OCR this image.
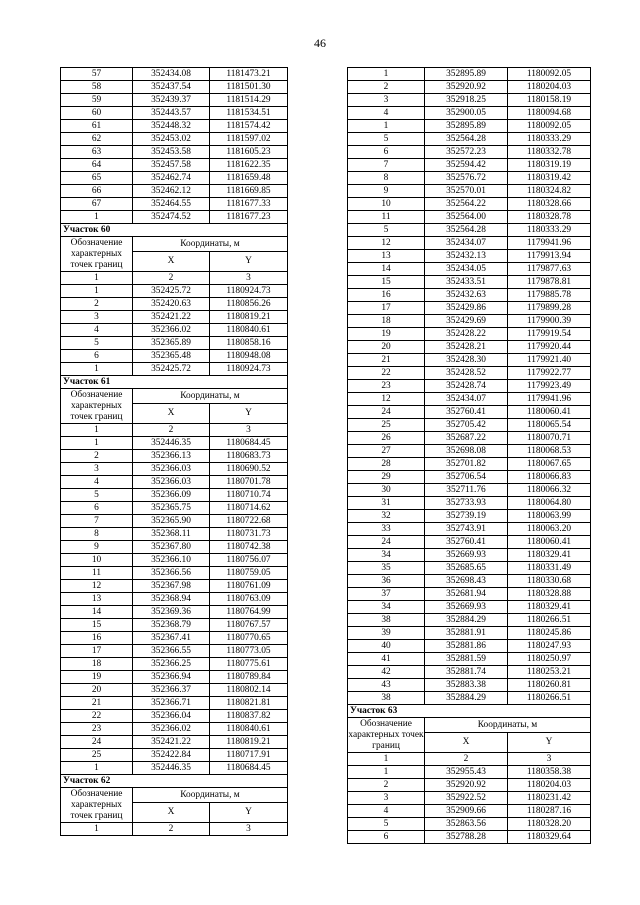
46
57	352434.08	1181473.21
58	352437.54	1181501.30
59	352439.37	1181514.29
60	352443.57	1181534.51
61	352448.32	1181574.42
62	352453.02	1181597.02
63	352453.58	1181605.23
64	352457.58	1181622.35
65	352462.74	1181659.48
66	352462.12	1181669.85
67	352464.55	1181677.33
1	352474.52	1181677.23
Участок 60		
Обозначение характерных точек границ	Координаты, м	
	X	Y
1	2	3
1	352425.72	1180924.73
2	352420.63	1180856.26
3	352421.22	1180819.21
4	352366.02	1180840.61
5	352365.89	1180858.16
6	352365.48	1180948.08
1	352425.72	1180924.73
Участок 61		
Обозначение характерных точек границ	Координаты, м	
	X	Y
1	2	3
1	352446.35	1180684.45
2	352366.13	1180683.73
3	352366.03	1180690.52
4	352366.03	1180701.78
5	352366.09	1180710.74
6	352365.75	1180714.62
7	352365.90	1180722.68
8	352368.11	1180731.73
9	352367.80	1180742.38
10	352366.10	1180756.07
11	352366.56	1180759.05
12	352367.98	1180761.09
13	352368.94	1180763.09
14	352369.36	1180764.99
15	352368.79	1180767.57
16	352367.41	1180770.65
17	352366.55	1180773.05
18	352366.25	1180775.61
19	352366.94	1180789.84
20	352366.37	1180802.14
21	352366.71	1180821.81
22	352366.04	1180837.82
23	352366.02	1180840.61
24	352421.22	1180819.21
25	352422.84	1180717.91
1	352446.35	1180684.45
Участок 62		
Обозначение характерных точек границ	Координаты, м	
	X	Y
1	2	3
1	352895.89	1180092.05
2	352920.92	1180204.03
3	352918.25	1180158.19
4	352900.05	1180094.68
1	352895.89	1180092.05
5	352564.28	1180333.29
6	352572.23	1180332.78
7	352594.42	1180319.19
8	352576.72	1180319.42
9	352570.01	1180324.82
10	352564.22	1180328.66
11	352564.00	1180328.78
5	352564.28	1180333.29
12	352434.07	1179941.96
13	352432.13	1179913.94
14	352434.05	1179877.63
15	352433.51	1179878.81
16	352432.63	1179885.78
17	352429.86	1179899.28
18	352429.69	1179900.39
19	352428.22	1179919.54
20	352428.21	1179920.44
21	352428.30	1179921.40
22	352428.52	1179922.77
23	352428.74	1179923.49
12	352434.07	1179941.96
24	352760.41	1180060.41
25	352705.42	1180065.54
26	352687.22	1180070.71
27	352698.08	1180068.53
28	352701.82	1180067.65
29	352706.54	1180066.83
30	352711.76	1180066.32
31	352733.93	1180064.80
32	352739.19	1180063.99
33	352743.91	1180063.20
24	352760.41	1180060.41
34	352669.93	1180329.41
35	352685.65	1180331.49
36	352698.43	1180330.68
37	352681.94	1180328.88
34	352669.93	1180329.41
38	352884.29	1180266.51
39	352881.91	1180245.86
40	352881.86	1180247.93
41	352881.59	1180250.97
42	352881.74	1180253.21
43	352883.38	1180260.81
38	352884.29	1180266.51
Участок 63		
Обозначение характерных точек границ	Координаты, м	
	X	Y
1	2	3
1	352955.43	1180358.38
2	352920.92	1180204.03
3	352922.52	1180231.42
4	352909.66	1180287.16
5	352863.56	1180328.20
6	352788.28	1180329.64
